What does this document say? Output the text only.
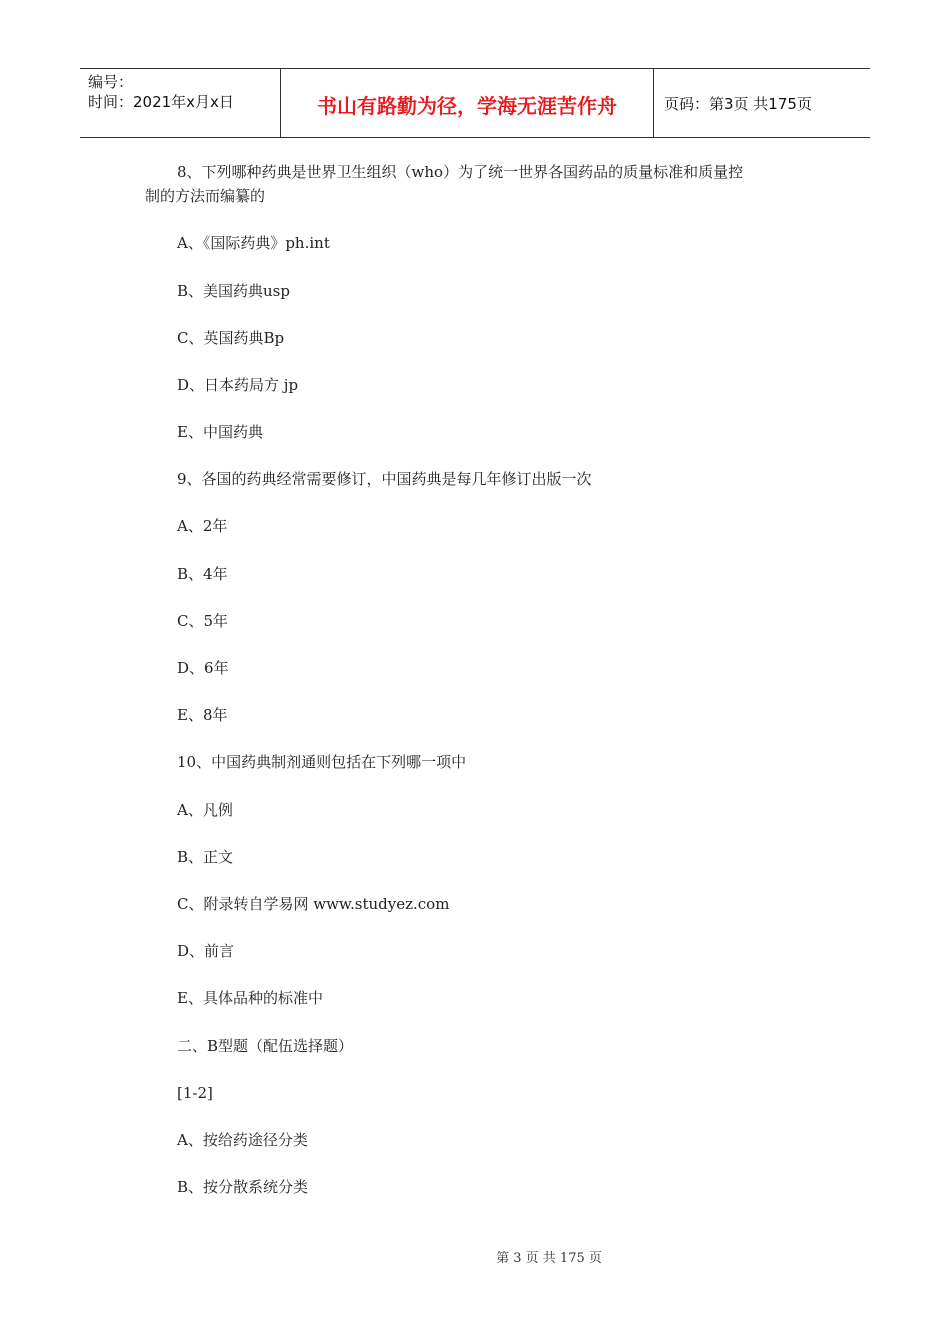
编号：
时间：2021年x月x日	书山有路勤为径，学海无涯苦作舟	页码：第3页 共175页
8、下列哪种药典是世界卫生组织（who）为了统一世界各国药品的质量标准和质量控
制的方法而编纂的
A、《国际药典》ph.int
B、美国药典usp
C、英国药典Bp
D、日本药局方 jp
E、中国药典
9、各国的药典经常需要修订，中国药典是每几年修订出版一次
A、2年
B、4年
C、5年
D、6年
E、8年
10、中国药典制剂通则包括在下列哪一项中
A、凡例
B、正文
C、附录转自学易网 www.studyez.com
D、前言
E、具体品种的标准中
二、B型题（配伍选择题）
[1-2]
A、按给药途径分类
B、按分散系统分类
第 3 页 共 175 页
